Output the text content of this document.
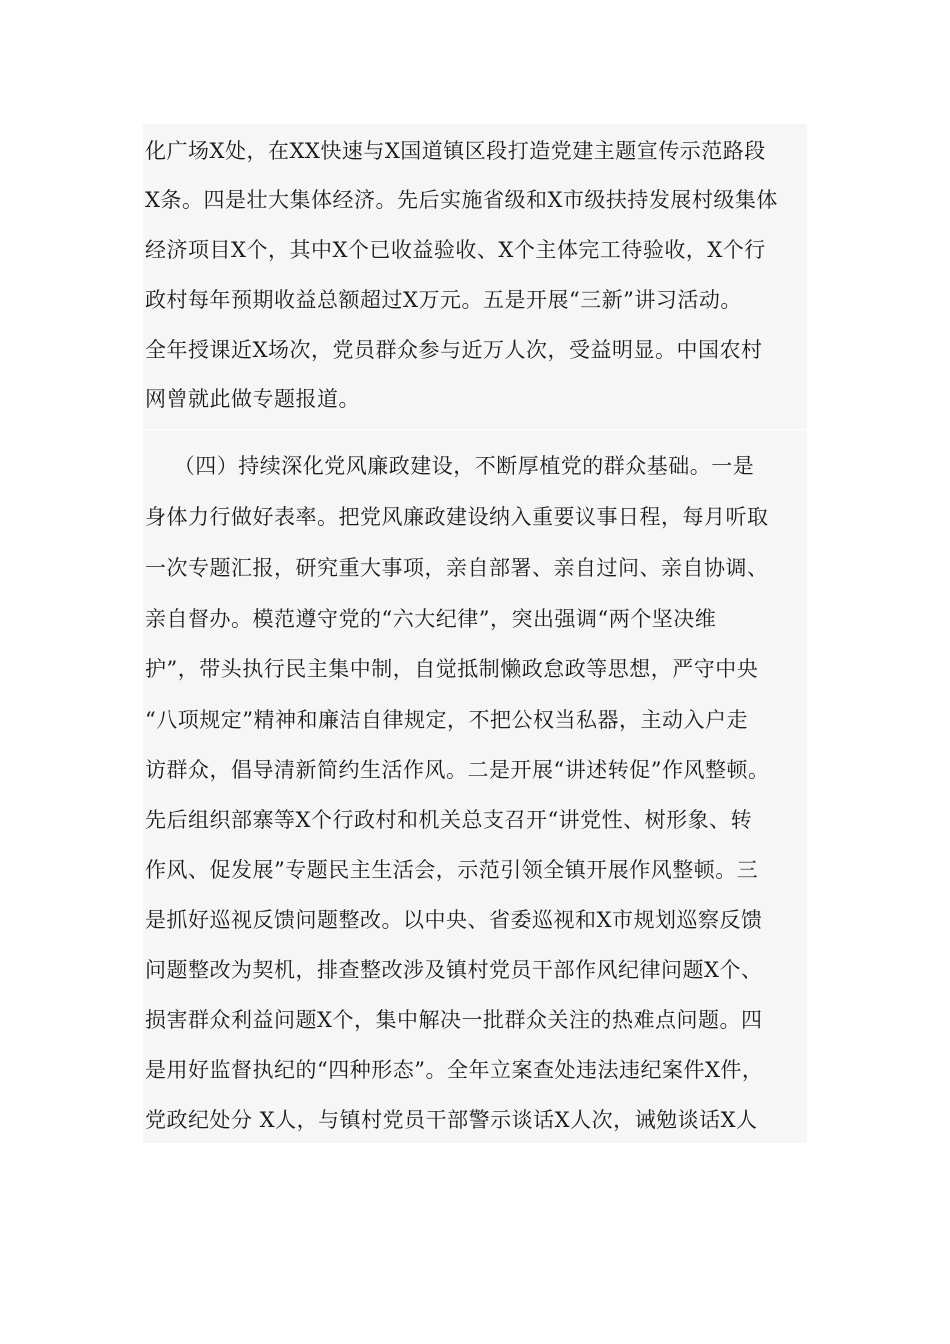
化广场X处，在XX快速与X国道镇区段打造党建主题宣传示范路段
X条。四是壮大集体经济。先后实施省级和X市级扶持发展村级集体
经济项目X个，其中X个已收益验收、X个主体完工待验收，X个行
政村每年预期收益总额超过X万元。五是开展“三新”讲习活动。
全年授课近X场次，党员群众参与近万人次，受益明显。中国农村
网曾就此做专题报道。
（四）持续深化党风廉政建设，不断厚植党的群众基础。一是
身体力行做好表率。把党风廉政建设纳入重要议事日程，每月听取
一次专题汇报，研究重大事项，亲自部署、亲自过问、亲自协调、
亲自督办。模范遵守党的“六大纪律”，突出强调“两个坚决维
护”，带头执行民主集中制，自觉抵制懒政怠政等思想，严守中央
“八项规定”精神和廉洁自律规定，不把公权当私器，主动入户走
访群众，倡导清新简约生活作风。二是开展“讲述转促”作风整顿。
先后组织部寨等X个行政村和机关总支召开“讲党性、树形象、转
作风、促发展”专题民主生活会，示范引领全镇开展作风整顿。三
是抓好巡视反馈问题整改。以中央、省委巡视和X市规划巡察反馈
问题整改为契机，排查整改涉及镇村党员干部作风纪律问题X个、
损害群众利益问题X个，集中解决一批群众关注的热难点问题。四
是用好监督执纪的“四种形态”。全年立案查处违法违纪案件X件，
党政纪处分 X人，与镇村党员干部警示谈话X人次，诫勉谈话X人
